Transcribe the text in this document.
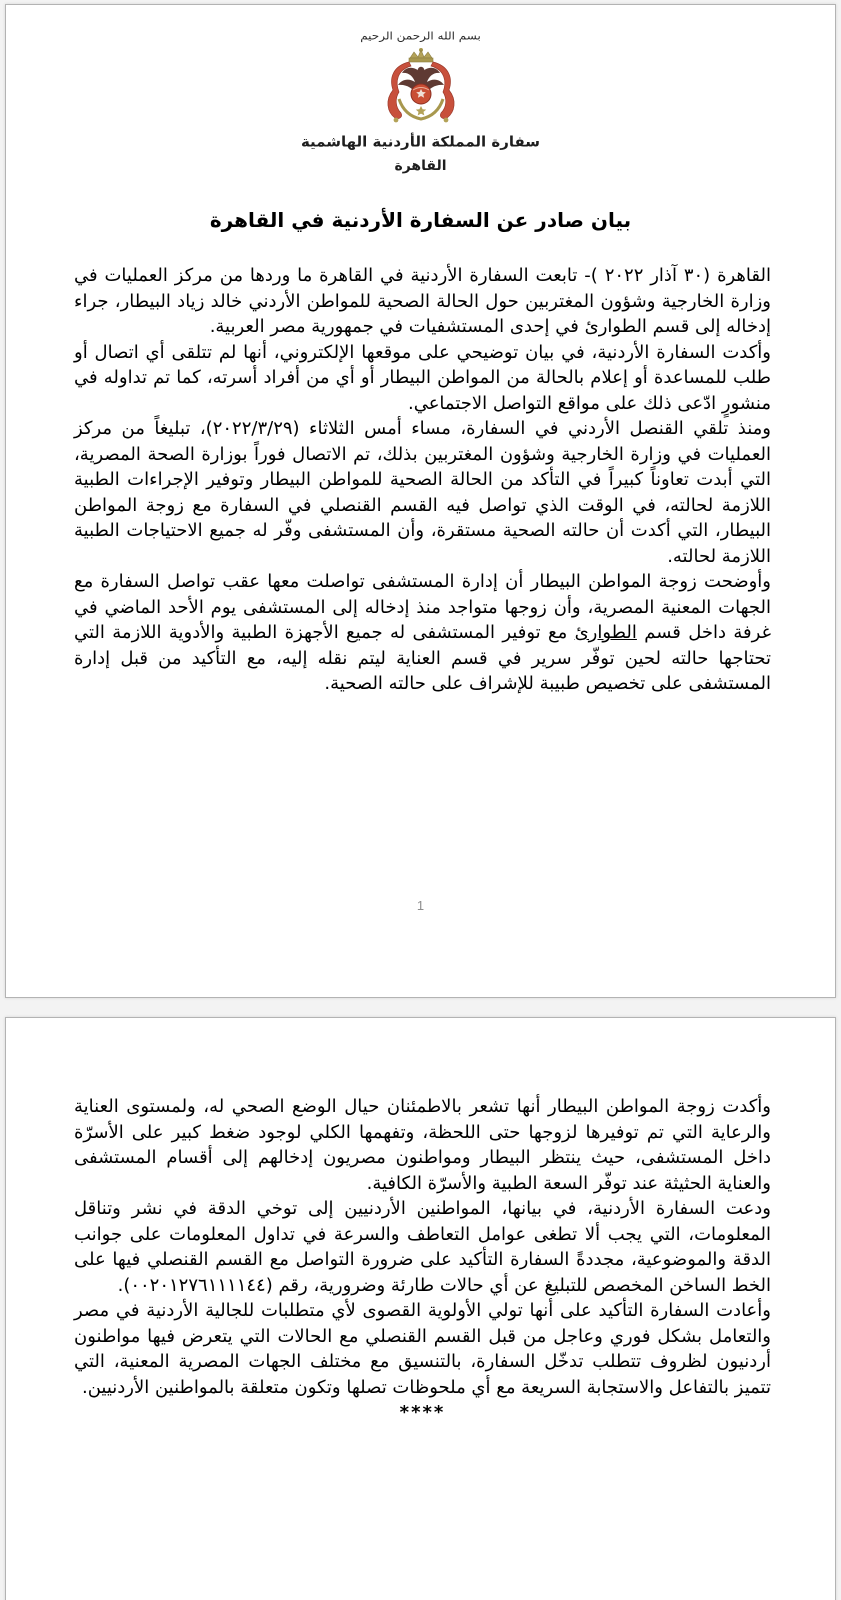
بسم الله الرحمن الرحيم
سفارة المملكة الأردنية الهاشمية
القاهرة
بيان صادر عن السفارة الأردنية في القاهرة

القاهرة (٣٠ آذار ٢٠٢٢ )- تابعت السفارة الأردنية في القاهرة ما وردها من مركز العمليات في وزارة الخارجية وشؤون المغتربين حول الحالة الصحية للمواطن الأردني خالد زياد البيطار، جراء إدخاله إلى قسم الطوارئ في إحدى المستشفيات في جمهورية مصر العربية.

وأكدت السفارة الأردنية، في بيان توضيحي على موقعها الإلكتروني، أنها لم تتلقى أي اتصال أو طلب للمساعدة أو إعلام بالحالة من المواطن البيطار أو أي من أفراد أسرته، كما تم تداوله في منشورٍ ادّعى ذلك على مواقع التواصل الاجتماعي.

ومنذ تلقي القنصل الأردني في السفارة، مساء أمس الثلاثاء (٢٠٢٢/٣/٢٩)، تبليغاً من مركز العمليات في وزارة الخارجية وشؤون المغتربين بذلك، تم الاتصال فوراً بوزارة الصحة المصرية، التي أبدت تعاوناً كبيراً في التأكد من الحالة الصحية للمواطن البيطار وتوفير الإجراءات الطبية اللازمة لحالته، في الوقت الذي تواصل فيه القسم القنصلي في السفارة مع زوجة المواطن البيطار، التي أكدت أن حالته الصحية مستقرة، وأن المستشفى وفّر له جميع الاحتياجات الطبية اللازمة لحالته.

وأوضحت زوجة المواطن البيطار أن إدارة المستشفى تواصلت معها عقب تواصل السفارة مع الجهات المعنية المصرية، وأن زوجها متواجد منذ إدخاله إلى المستشفى يوم الأحد الماضي في غرفة داخل قسم الطوارئ مع توفير المستشفى له جميع الأجهزة الطبية والأدوية اللازمة التي تحتاجها حالته لحين توفّر سرير في قسم العناية ليتم نقله إليه، مع التأكيد من قبل إدارة المستشفى على تخصيص طبيبة للإشراف على حالته الصحية.

1

وأكدت زوجة المواطن البيطار أنها تشعر بالاطمئنان حيال الوضع الصحي له، ولمستوى العناية والرعاية التي تم توفيرها لزوجها حتى اللحظة، وتفهمها الكلي لوجود ضغط كبير على الأسرّة داخل المستشفى، حيث ينتظر البيطار ومواطنون مصريون إدخالهم إلى أقسام المستشفى والعناية الحثيثة عند توفّر السعة الطبية والأسرّة الكافية.

ودعت السفارة الأردنية، في بيانها، المواطنين الأردنيين إلى توخي الدقة في نشر وتناقل المعلومات، التي يجب ألا تطغى عوامل التعاطف والسرعة في تداول المعلومات على جوانب الدقة والموضوعية، مجددةً السفارة التأكيد على ضرورة التواصل مع القسم القنصلي فيها على الخط الساخن المخصص للتبليغ عن أي حالات طارئة وضرورية، رقم (٠٠٢٠١٢٧٦١١١١٤٤).

وأعادت السفارة التأكيد على أنها تولي الأولوية القصوى لأي متطلبات للجالية الأردنية في مصر والتعامل بشكل فوري وعاجل من قبل القسم القنصلي مع الحالات التي يتعرض فيها مواطنون أردنيون لظروف تتطلب تدخّل السفارة، بالتنسيق مع مختلف الجهات المصرية المعنية، التي تتميز بالتفاعل والاستجابة السريعة مع أي ملحوظات تصلها وتكون متعلقة بالمواطنين الأردنيين.

****
